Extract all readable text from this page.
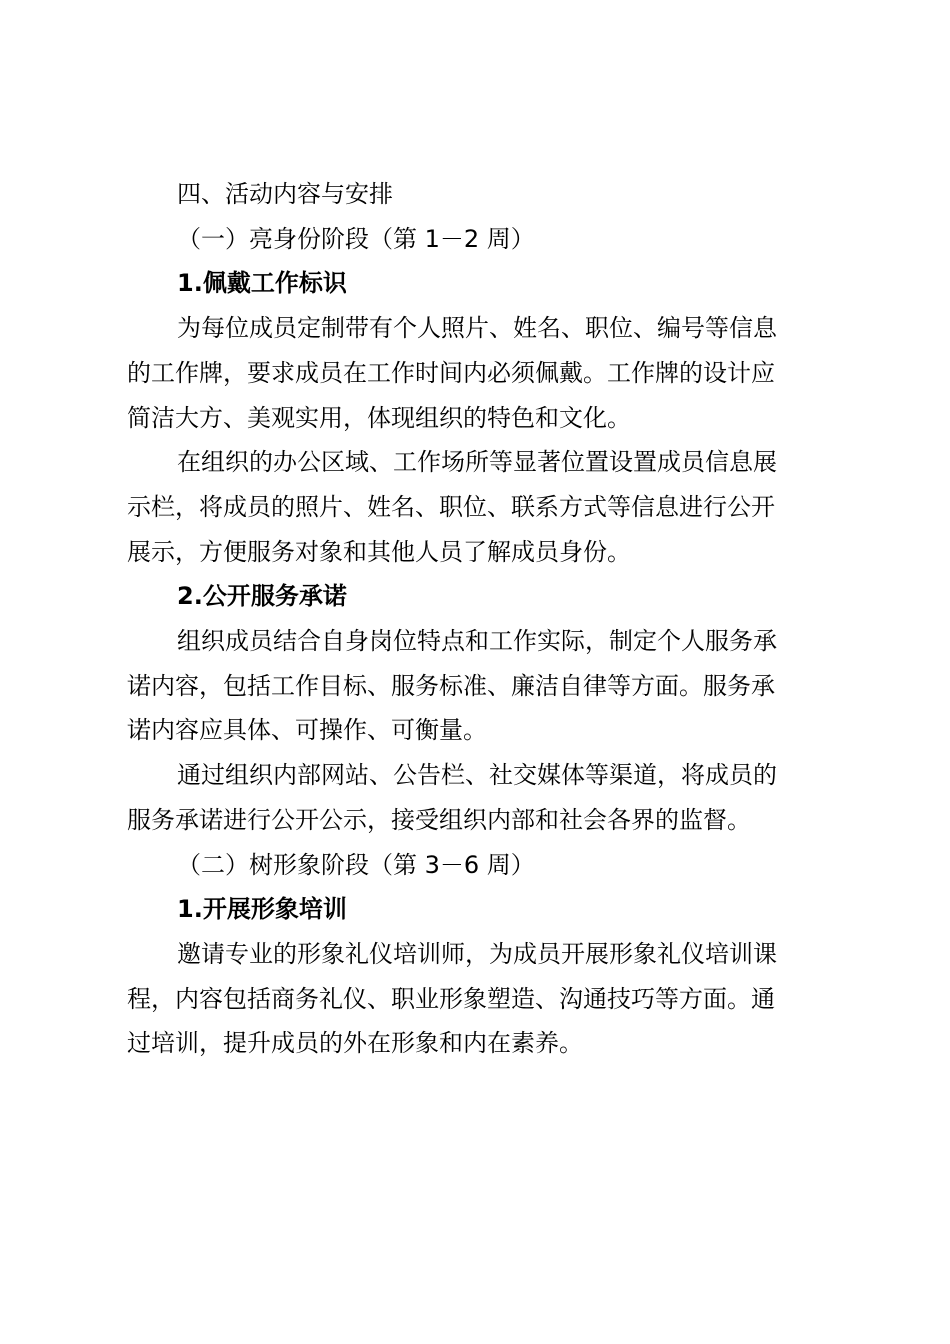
四、活动内容与安排
（一）亮身份阶段（第 1－2 周）
1.佩戴工作标识
为每位成员定制带有个人照片、姓名、职位、编号等信息
的工作牌，要求成员在工作时间内必须佩戴。工作牌的设计应
简洁大方、美观实用，体现组织的特色和文化。
在组织的办公区域、工作场所等显著位置设置成员信息展
示栏，将成员的照片、姓名、职位、联系方式等信息进行公开
展示，方便服务对象和其他人员了解成员身份。
2.公开服务承诺
组织成员结合自身岗位特点和工作实际，制定个人服务承
诺内容，包括工作目标、服务标准、廉洁自律等方面。服务承
诺内容应具体、可操作、可衡量。
通过组织内部网站、公告栏、社交媒体等渠道，将成员的
服务承诺进行公开公示，接受组织内部和社会各界的监督。
（二）树形象阶段（第 3－6 周）
1.开展形象培训
邀请专业的形象礼仪培训师，为成员开展形象礼仪培训课
程，内容包括商务礼仪、职业形象塑造、沟通技巧等方面。通
过培训，提升成员的外在形象和内在素养。
